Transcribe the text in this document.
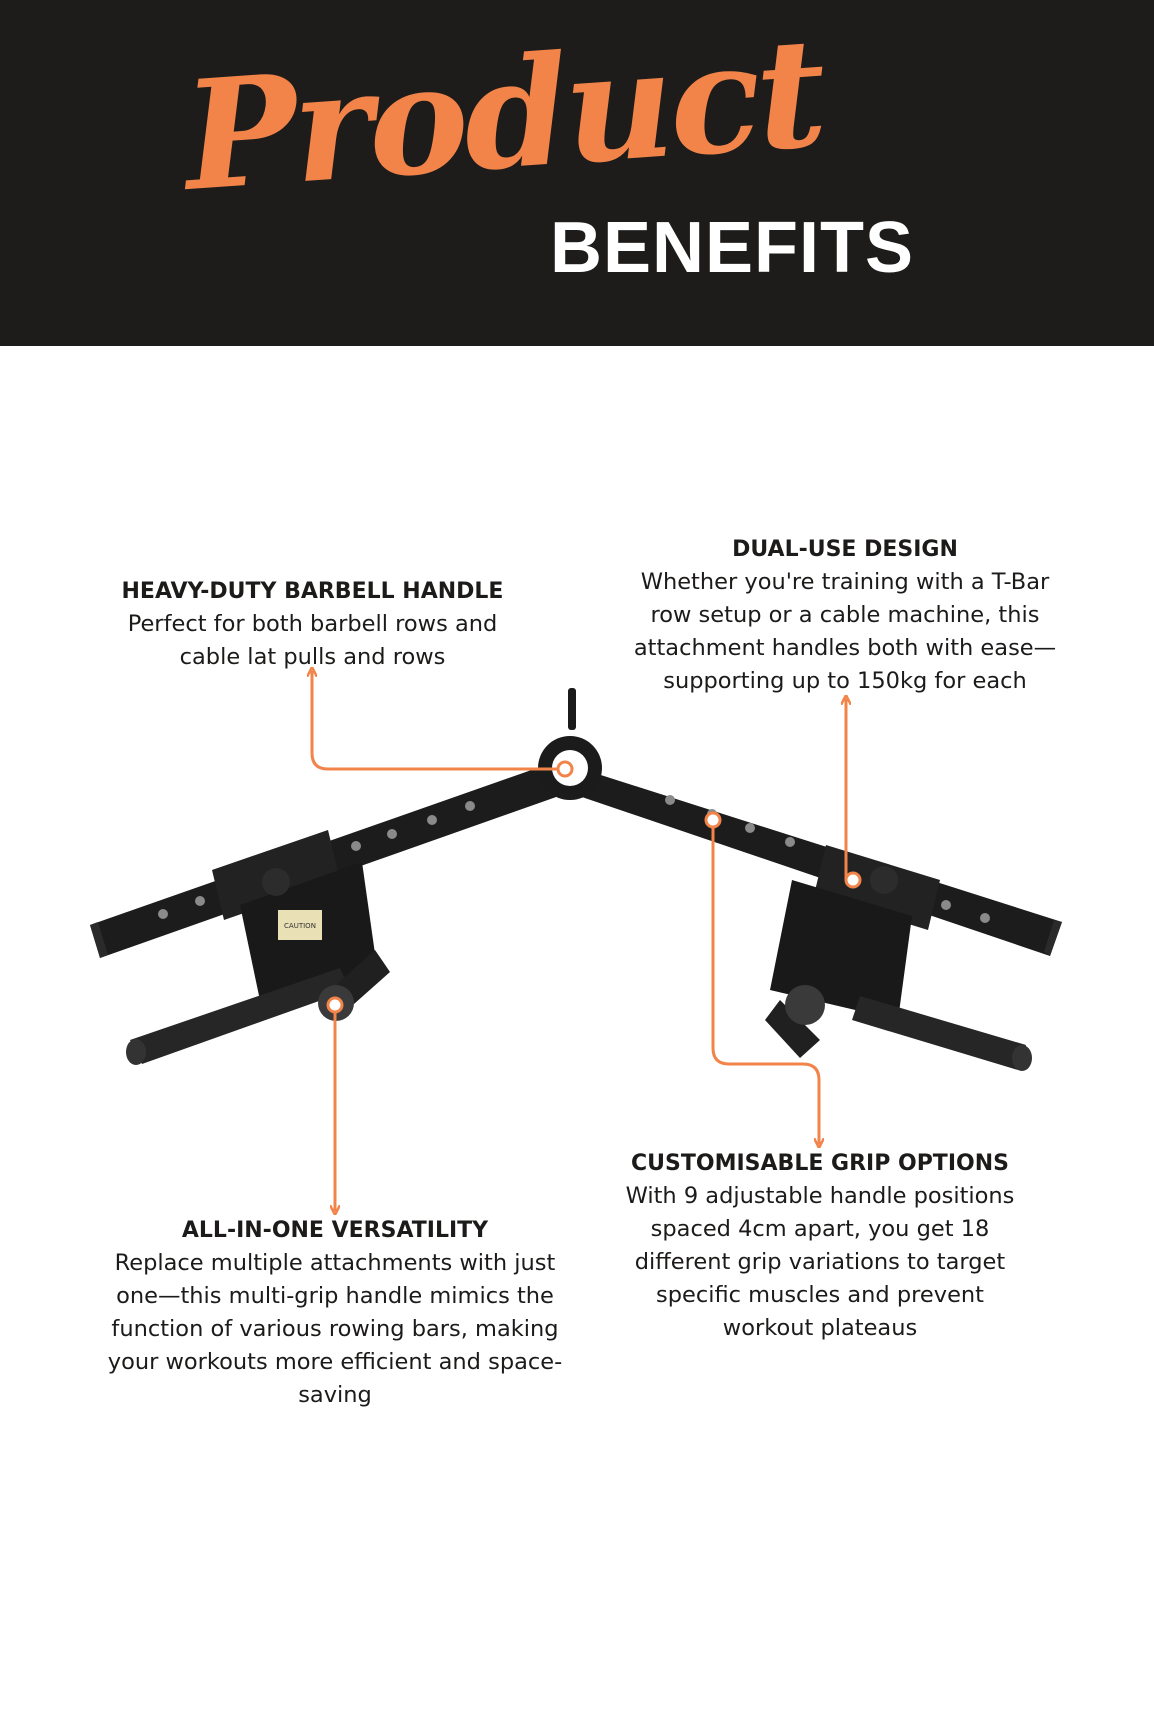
Product
BENEFITS
CAUTION
HEAVY-DUTY BARBELL HANDLE

Perfect for both barbell rows and cable lat pulls and rows

DUAL-USE DESIGN

Whether you're training with a T-Bar row setup or a cable machine, this attachment handles both with ease—supporting up to 150kg for each

CUSTOMISABLE GRIP OPTIONS

With 9 adjustable handle positions spaced 4cm apart, you get 18 different grip variations to target specific muscles and prevent workout plateaus

ALL-IN-ONE VERSATILITY

Replace multiple attachments with just one—this multi-grip handle mimics the function of various rowing bars, making your workouts more efficient and space-saving
